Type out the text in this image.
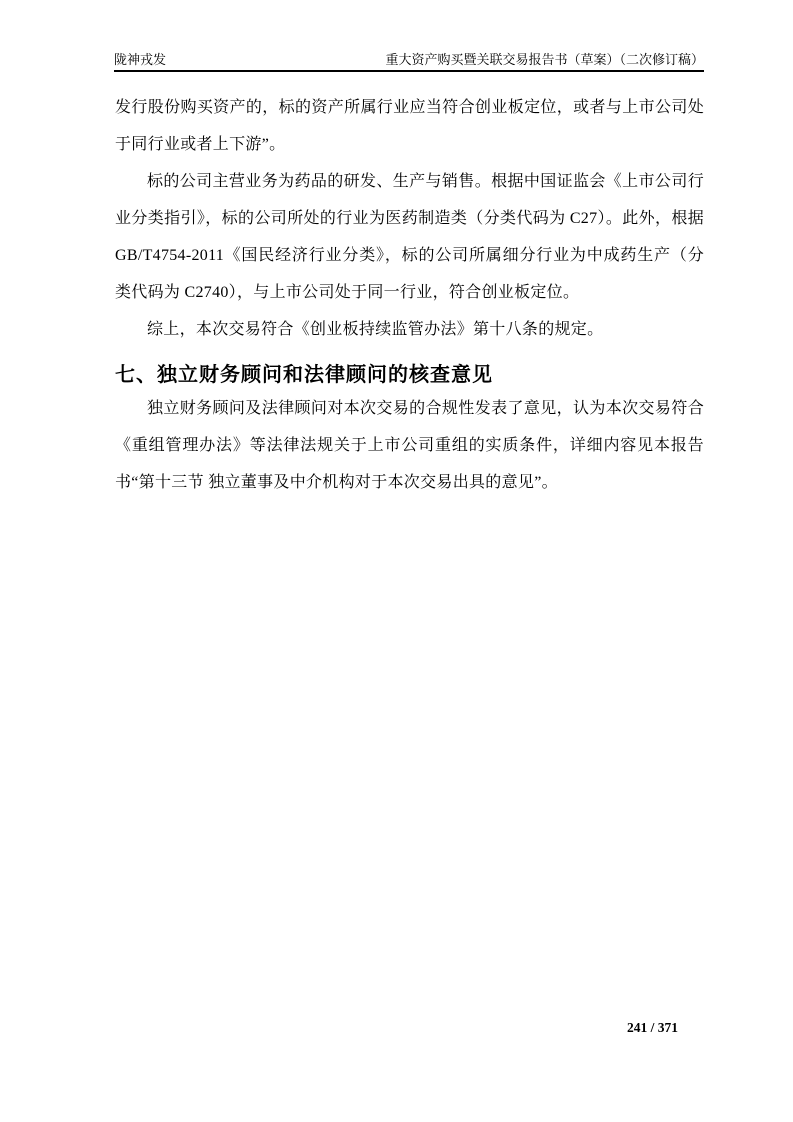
陇神戎发	重大资产购买暨关联交易报告书（草案）（二次修订稿）

发行股份购买资产的，标的资产所属行业应当符合创业板定位，或者与上市公司处于同行业或者上下游”。

标的公司主营业务为药品的研发、生产与销售。根据中国证监会《上市公司行业分类指引》，标的公司所处的行业为医药制造类（分类代码为 C27）。此外，根据 GB/T4754-2011《国民经济行业分类》，标的公司所属细分行业为中成药生产（分类代码为 C2740），与上市公司处于同一行业，符合创业板定位。

综上，本次交易符合《创业板持续监管办法》第十八条的规定。

七、独立财务顾问和法律顾问的核查意见

独立财务顾问及法律顾问对本次交易的合规性发表了意见，认为本次交易符合《重组管理办法》等法律法规关于上市公司重组的实质条件，详细内容见本报告书“第十三节 独立董事及中介机构对于本次交易出具的意见”。

241 / 371
